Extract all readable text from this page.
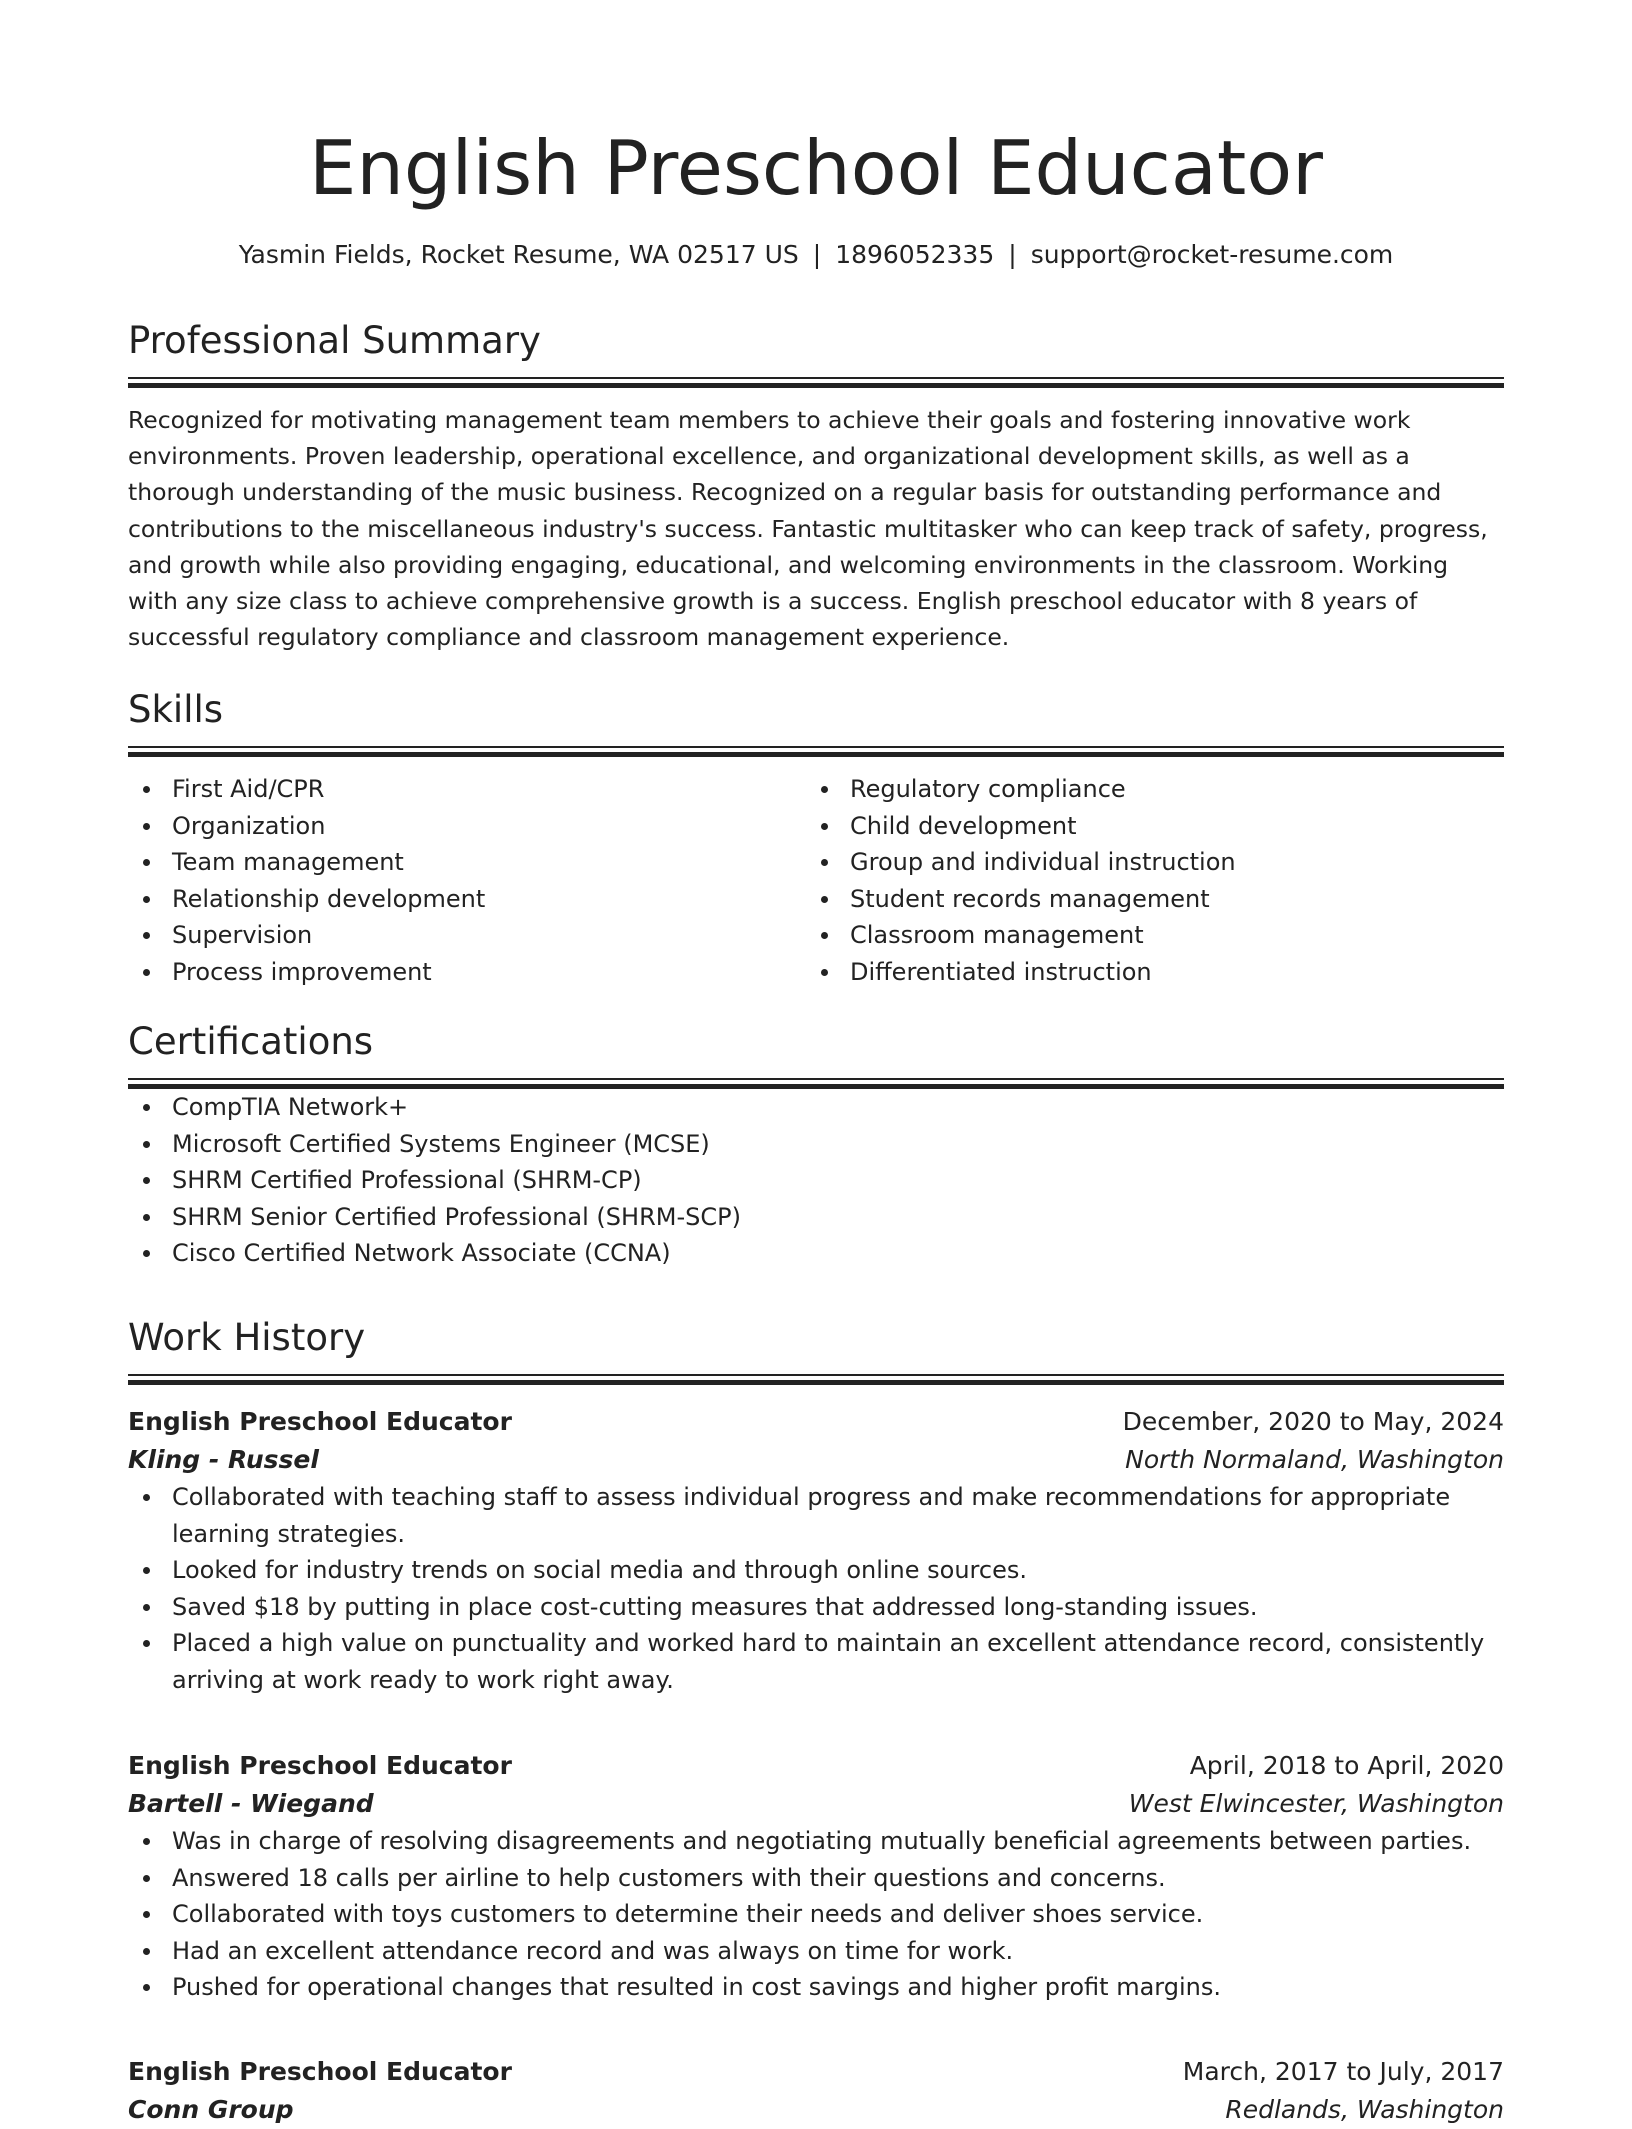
English Preschool Educator
Yasmin Fields, Rocket Resume, WA 02517 US | 1896052335 | support@rocket-resume.com
Professional Summary

Recognized for motivating management team members to achieve their goals and fostering innovative work environments. Proven leadership, operational excellence, and organizational development skills, as well as a thorough understanding of the music business. Recognized on a regular basis for outstanding performance and contributions to the miscellaneous industry's success. Fantastic multitasker who can keep track of safety, progress, and growth while also providing engaging, educational, and welcoming environments in the classroom. Working with any size class to achieve comprehensive growth is a success. English preschool educator with 8 years of successful regulatory compliance and classroom management experience.

Skills
First Aid/CPR
Organization
Team management
Relationship development
Supervision
Process improvement
Regulatory compliance
Child development
Group and individual instruction
Student records management
Classroom management
Differentiated instruction
Certifications
CompTIA Network+
Microsoft Certified Systems Engineer (MCSE)
SHRM Certified Professional (SHRM-CP)
SHRM Senior Certified Professional (SHRM-SCP)
Cisco Certified Network Associate (CCNA)
Work History
English Preschool Educator	December, 2020 to May, 2024
Kling - Russel	North Normaland, Washington
Collaborated with teaching staff to assess individual progress and make recommendations for appropriate learning strategies.
Looked for industry trends on social media and through online sources.
Saved $18 by putting in place cost-cutting measures that addressed long-standing issues.
Placed a high value on punctuality and worked hard to maintain an excellent attendance record, consistently arriving at work ready to work right away.
English Preschool Educator	April, 2018 to April, 2020
Bartell - Wiegand	West Elwincester, Washington
Was in charge of resolving disagreements and negotiating mutually beneficial agreements between parties.
Answered 18 calls per airline to help customers with their questions and concerns.
Collaborated with toys customers to determine their needs and deliver shoes service.
Had an excellent attendance record and was always on time for work.
Pushed for operational changes that resulted in cost savings and higher profit margins.
English Preschool Educator	March, 2017 to July, 2017
Conn Group	Redlands, Washington
